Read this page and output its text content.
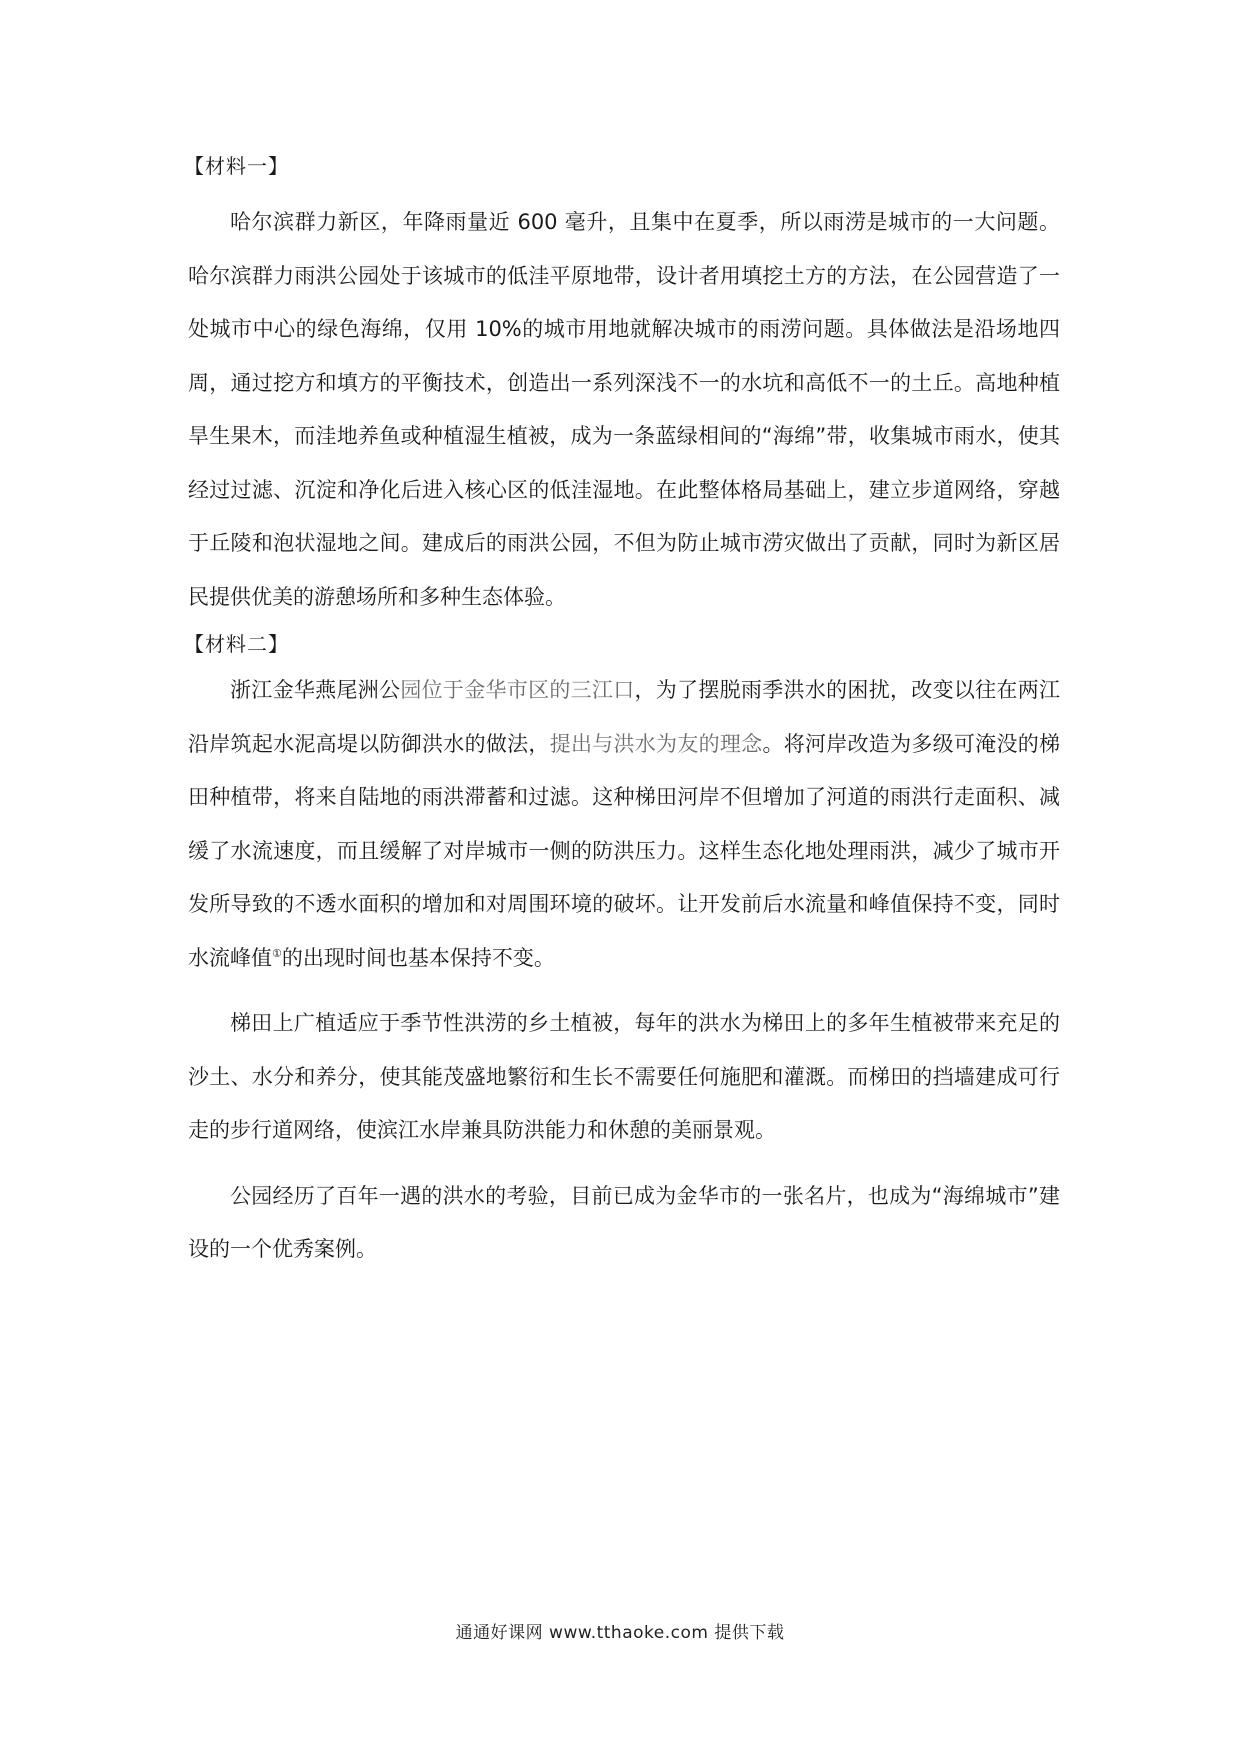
【材料一】

哈尔滨群力新区，年降雨量近 600 毫升，且集中在夏季，所以雨涝是城市的一大问题。哈尔滨群力雨洪公园处于该城市的低洼平原地带，设计者用填挖土方的方法，在公园营造了一处城市中心的绿色海绵，仅用 10%的城市用地就解决城市的雨涝问题。具体做法是沿场地四周，通过挖方和填方的平衡技术，创造出一系列深浅不一的水坑和高低不一的土丘。高地种植旱生果木，而洼地养鱼或种植湿生植被，成为一条蓝绿相间的“海绵”带，收集城市雨水，使其经过过滤、沉淀和净化后进入核心区的低洼湿地。在此整体格局基础上，建立步道网络，穿越于丘陵和泡状湿地之间。建成后的雨洪公园，不但为防止城市涝灾做出了贡献，同时为新区居民提供优美的游憩场所和多种生态体验。

【材料二】

浙江金华燕尾洲公园位于金华市区的三江口，为了摆脱雨季洪水的困扰，改变以往在两江沿岸筑起水泥高堤以防御洪水的做法，提出与洪水为友的理念。将河岸改造为多级可淹没的梯田种植带，将来自陆地的雨洪滞蓄和过滤。这种梯田河岸不但增加了河道的雨洪行走面积、减缓了水流速度，而且缓解了对岸城市一侧的防洪压力。这样生态化地处理雨洪，减少了城市开发所导致的不透水面积的增加和对周围环境的破坏。让开发前后水流量和峰值保持不变，同时水流峰值①的出现时间也基本保持不变。

梯田上广植适应于季节性洪涝的乡土植被，每年的洪水为梯田上的多年生植被带来充足的沙土、水分和养分，使其能茂盛地繁衍和生长不需要任何施肥和灌溉。而梯田的挡墙建成可行走的步行道网络，使滨江水岸兼具防洪能力和休憩的美丽景观。

公园经历了百年一遇的洪水的考验，目前已成为金华市的一张名片，也成为“海绵城市”建设的一个优秀案例。

通通好课网 www.tthaoke.com 提供下载
